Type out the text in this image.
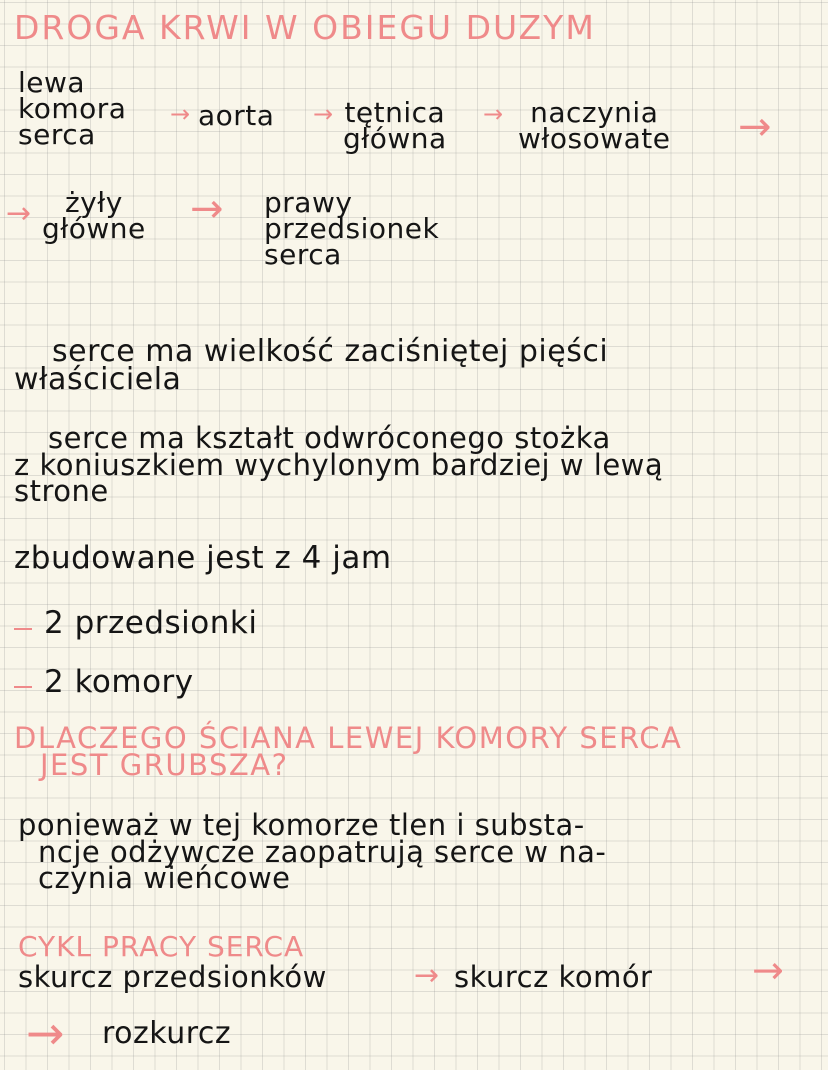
DROGA KRWI W OBIEGU DUZYM
lewa
komora
serca
→ aorta → tętnica
główna
→ naczynia
włosowate →
→	żyły
główne → prawy
przedsionek
serca
serce ma wielkość zaciśniętej pięści
właściciela
serce ma kształt odwróconego stożka
z koniuszkiem wychylonym bardziej w lewą
strone
zbudowane jest z 4 jam
2 przedsionki
2 komory
DLACZEGO ŚCIANA LEWEJ KOMORY SERCA
JEST GRUBSZA?
ponieważ w tej komorze tlen i substa-
ncje odżywcze zaopatrują serce w na-
czynia wieńcowe
CYKL PRACY SERCA
skurcz przedsionków	→ skurcz komór	→
→ rozkurcz
